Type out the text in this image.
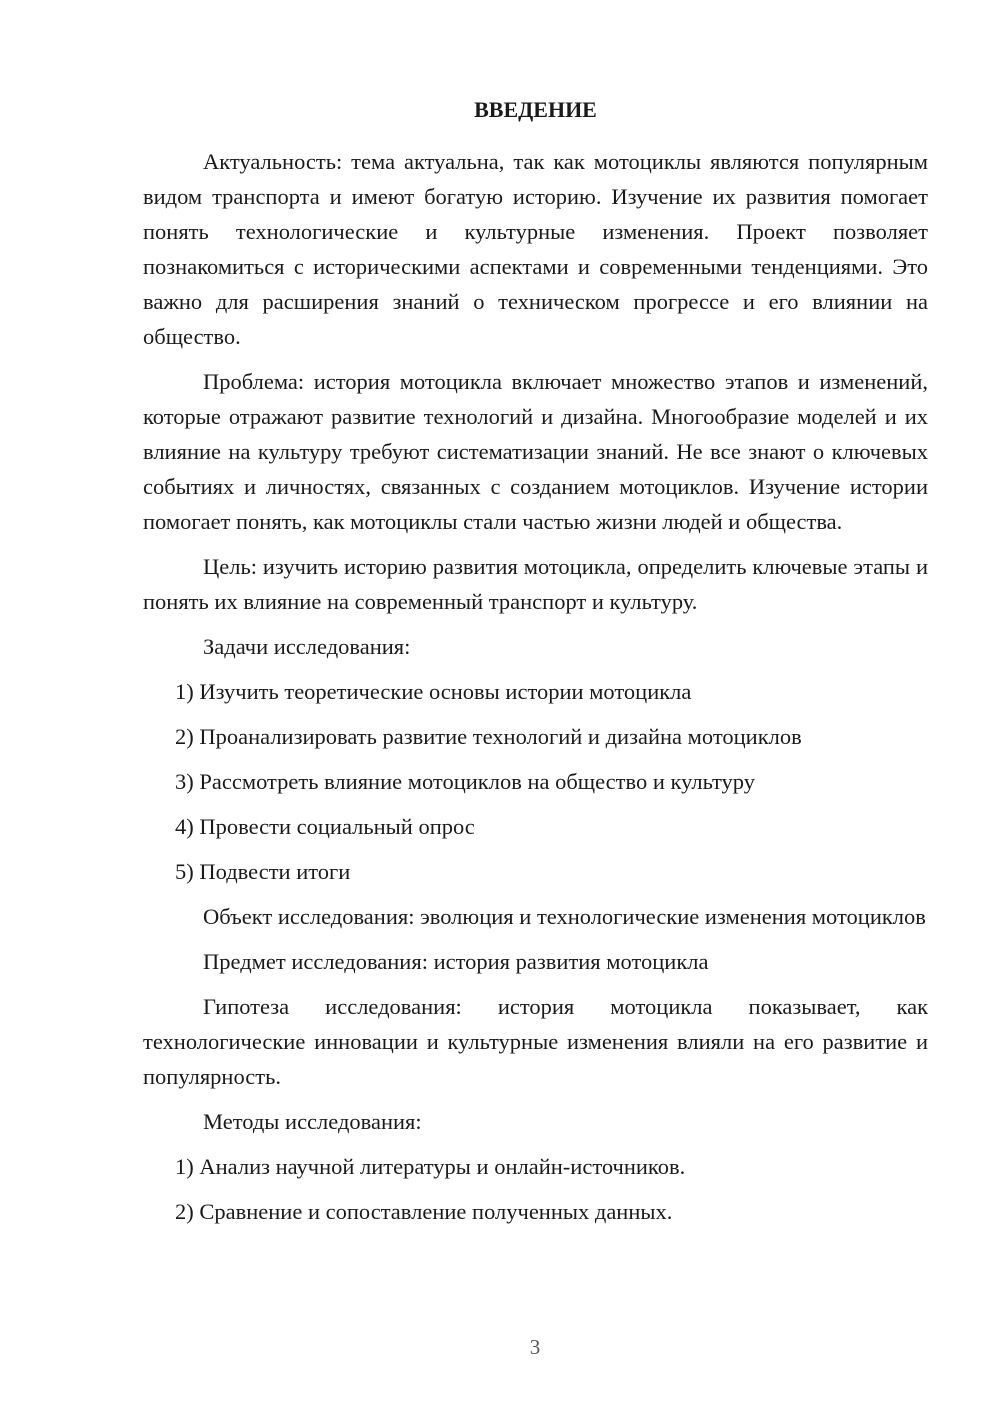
ВВЕДЕНИЕ

Актуальность: тема актуальна, так как мотоциклы являются популярным видом транспорта и имеют богатую историю. Изучение их развития помогает понять технологические и культурные изменения. Проект позволяет познакомиться с историческими аспектами и современными тенденциями. Это важно для расширения знаний о техническом прогрессе и его влиянии на общество.

Проблема: история мотоцикла включает множество этапов и изменений, которые отражают развитие технологий и дизайна. Многообразие моделей и их влияние на культуру требуют систематизации знаний. Не все знают о ключевых событиях и личностях, связанных с созданием мотоциклов. Изучение истории помогает понять, как мотоциклы стали частью жизни людей и общества.

Цель: изучить историю развития мотоцикла, определить ключевые этапы и понять их влияние на современный транспорт и культуру.

Задачи исследования:

1) Изучить теоретические основы истории мотоцикла
2) Проанализировать развитие технологий и дизайна мотоциклов
3) Рассмотреть влияние мотоциклов на общество и культуру
4) Провести социальный опрос
5) Подвести итоги

Объект исследования: эволюция и технологические изменения мотоциклов

Предмет исследования: история развития мотоцикла

Гипотеза исследования: история мотоцикла показывает, как технологические инновации и культурные изменения влияли на его развитие и популярность.

Методы исследования:

1) Анализ научной литературы и онлайн-источников.
2) Сравнение и сопоставление полученных данных.
3
